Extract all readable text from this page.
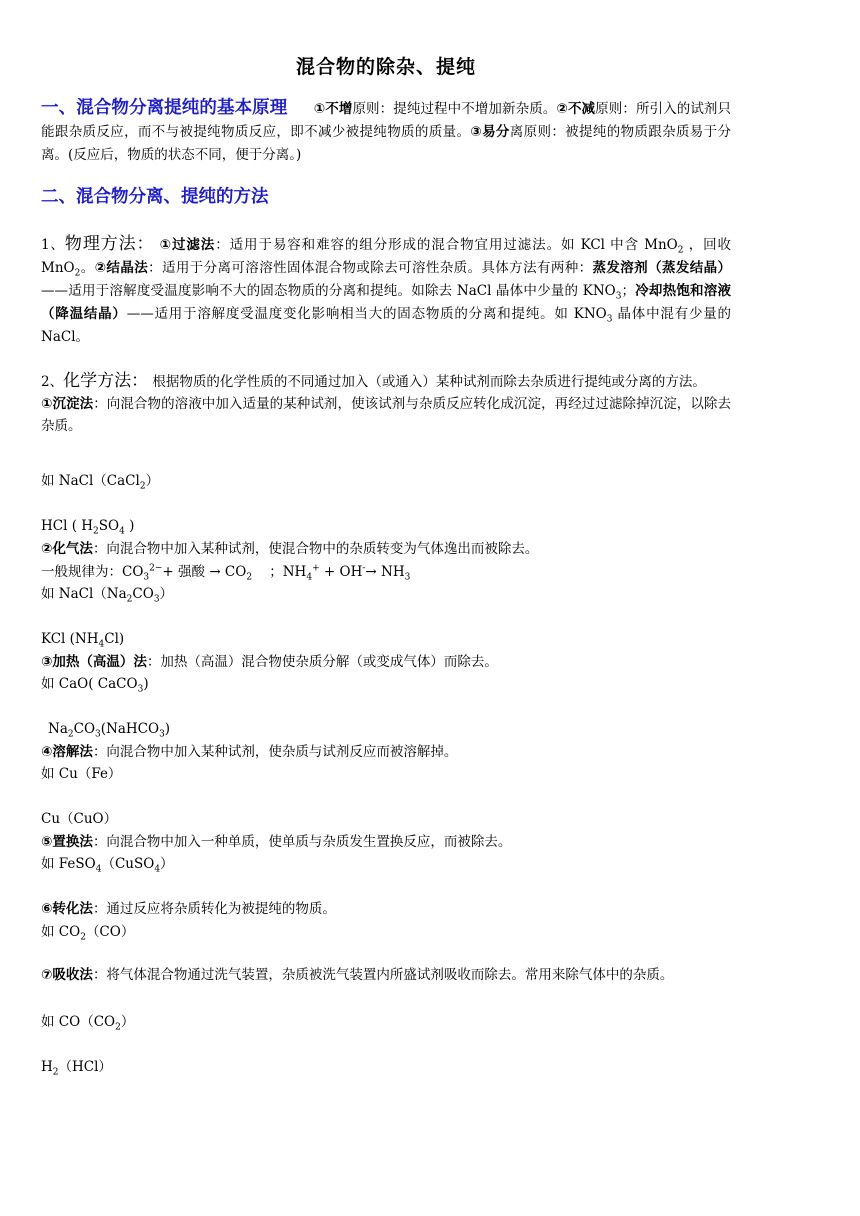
混合物的除杂、提纯
一、混合物分离提纯的基本原理 ①不增原则：提纯过程中不增加新杂质。②不减原则：所引入的试剂只能跟杂质反应，而不与被提纯物质反应，即不减少被提纯物质的质量。③易分离原则：被提纯的物质跟杂质易于分离。(反应后，物质的状态不同，便于分离。)
二、混合物分离、提纯的方法
1、物理方法： ①过滤法：适用于易容和难容的组分形成的混合物宜用过滤法。如 KCl 中含 MnO$_2$ ，回收 MnO$_2$。②结晶法：适用于分离可溶溶性固体混合物或除去可溶性杂质。具体方法有两种：蒸发溶剂（蒸发结晶）——适用于溶解度受温度影响不大的固态物质的分离和提纯。如除去 NaCl 晶体中少量的 $KNO_3$；冷却热饱和溶液（降温结晶）——适用于溶解度受温度变化影响相当大的固态物质的分离和提纯。如 $KNO_3$ 晶体中混有少量的 NaCl。
2、化学方法： 根据物质的化学性质的不同通过加入（或通入）某种试剂而除去杂质进行提纯或分离的方法。
①沉淀法：向混合物的溶液中加入适量的某种试剂，使该试剂与杂质反应转化成沉淀，再经过过滤除掉沉淀，以除去杂质。
如 NaCl（CaCl$_2$）
HCl ( $H_2SO_4$ )
②化气法：向混合物中加入某种试剂，使混合物中的杂质转变为气体逸出而被除去。
一般规律为：$CO_3^{2-}+$ 强酸 → $CO_2$ ；$NH_4^+ + OH^-\to NH_3$
如 $NaCl(Na_2CO_3)$
KCl $(NH_4Cl)$
③加热（高温）法：加热（高温）混合物使杂质分解（或变成气体）而除去。
如 CaO( CaCO$_3$)
$Na_2CO_3(NaHCO_3)$
④溶解法：向混合物中加入某种试剂，使杂质与试剂反应而被溶解掉。
如 Cu（Fe）
Cu（CuO）
⑤置换法：向混合物中加入一种单质，使单质与杂质发生置换反应，而被除去。
如 FeSO$_4$（CuSO$_4$）
⑥转化法：通过反应将杂质转化为被提纯的物质。
如 $CO_2(CO)$
⑦吸收法：将气体混合物通过洗气装置，杂质被洗气装置内所盛试剂吸收而除去。常用来除气体中的杂质。
如 $CO(CO_2)$
$H_2(HCl)$
